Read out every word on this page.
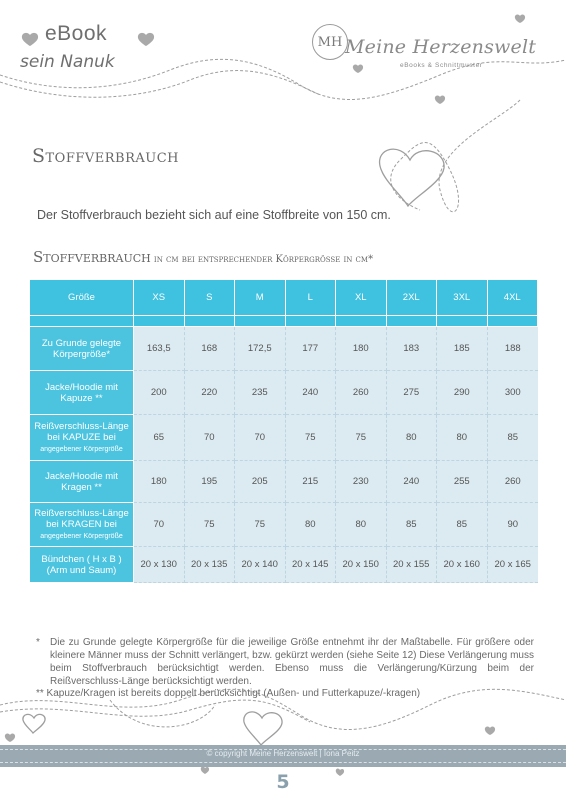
eBook
sein Nanuk
MH Meine Herzenswelt
eBooks & Schnittmuster
Stoffverbrauch
Der Stoffverbrauch bezieht sich auf eine Stoffbreite von 150 cm.
Stoffverbrauch in cm bei entsprechender Körpergröße in cm*
Größe	XS	S	M	L	XL	2XL	3XL	4XL

Zu Grunde gelegte Körpergröße*	163,5	168	172,5	177	180	183	185	188
Jacke/Hoodie mit Kapuze **	200	220	235	240	260	275	290	300
Reißverschluss-Länge bei KAPUZE bei
angegebener Körpergröße	65	70	70	75	75	80	80	85
Jacke/Hoodie mit Kragen **	180	195	205	215	230	240	255	260
Reißverschluss-Länge bei KRAGEN bei
angegebener Körpergröße	70	75	75	80	80	85	85	90
Bündchen ( H x B ) (Arm und Saum)	20 x 130	20 x 135	20 x 140	20 x 145	20 x 150	20 x 155	20 x 160	20 x 165
*	Die zu Grunde gelegte Körpergröße für die jeweilige Größe entnehmt ihr der Maßtabelle. Für größere oder kleinere Männer muss der Schnitt verlängert, bzw. gekürzt werden (siehe Seite 12) Diese Verlängerung muss beim Stoffverbrauch berücksichtigt werden. Ebenso muss die Verlängerung/Kürzung beim der Reißverschluss-Länge berücksichtigt werden.
** Kapuze/Kragen ist bereits doppelt berücksichtigt (Außen- und Futterkapuze/-kragen)
© copyright Meine Herzenswelt | Iona Peitz
5
